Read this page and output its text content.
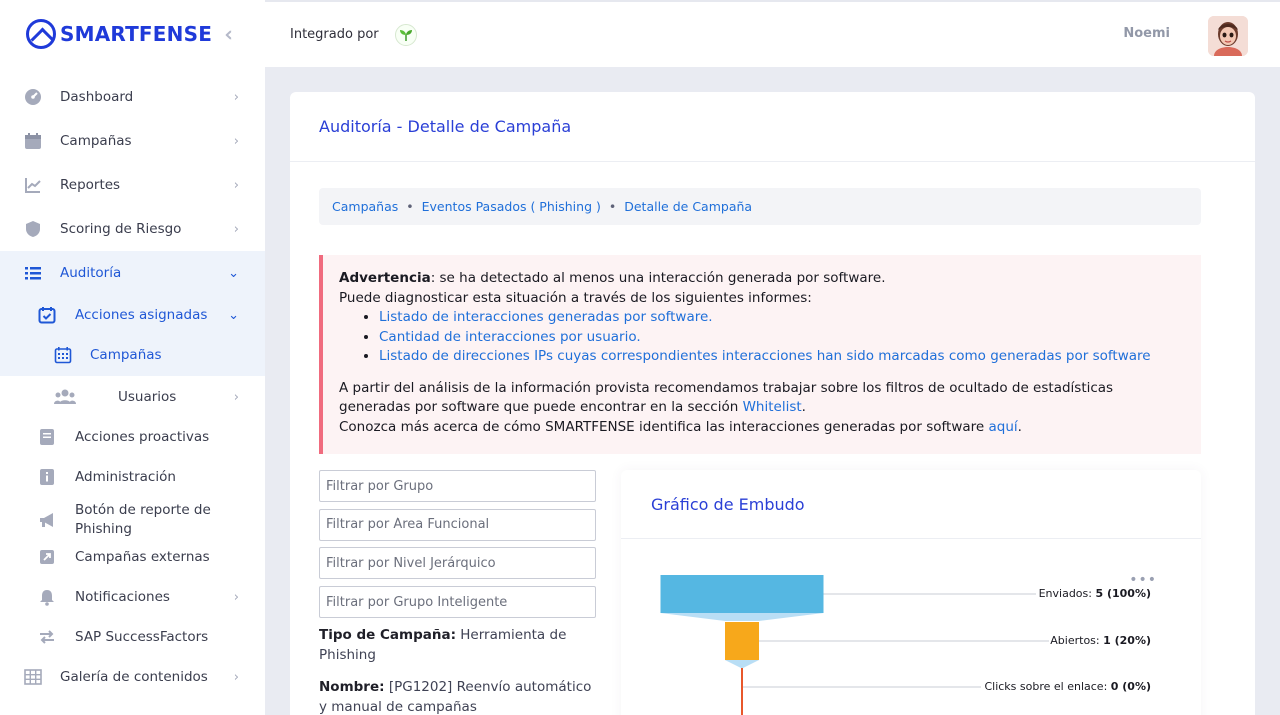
SMARTFENSE ‹‹
Dashboard	›
Campañas	›
Reportes	›
Scoring de Riesgo	›
Auditoría	⌄
Acciones asignadas ⌄
Campañas
Usuarios	›
Acciones proactivas
Administración
Botón de reporte de Phishing
Campañas externas
Notificaciones	›
SAP SuccessFactors
Galería de contenidos ›
Integrado por	Noemi
Auditoría - Detalle de Campaña
Campañas • Eventos Pasados ( Phishing ) • Detalle de Campaña
Advertencia: se ha detectado al menos una interacción generada por software.
Puede diagnosticar esta situación a través de los siguientes informes:
• Listado de interacciones generadas por software.
• Cantidad de interacciones por usuario.
• Listado de direcciones IPs cuyas correspondientes interacciones han sido marcadas como generadas por software
A partir del análisis de la información provista recomendamos trabajar sobre los filtros de ocultado de estadísticas generadas por software que puede encontrar en la sección Whitelist.
Conozca más acerca de cómo SMARTFENSE identifica las interacciones generadas por software aquí.
Filtrar por Grupo
Filtrar por Área Funcional
Filtrar por Nivel Jerárquico
Filtrar por Grupo Inteligente
Tipo de Campaña: Herramienta de Phishing
Nombre: [PG1202] Reenvío automático y manual de campañas
Gráfico de Embudo
•••
Enviados: 5 (100%)
Abiertos: 1 (20%)
Clicks sobre el enlace: 0 (0%)
